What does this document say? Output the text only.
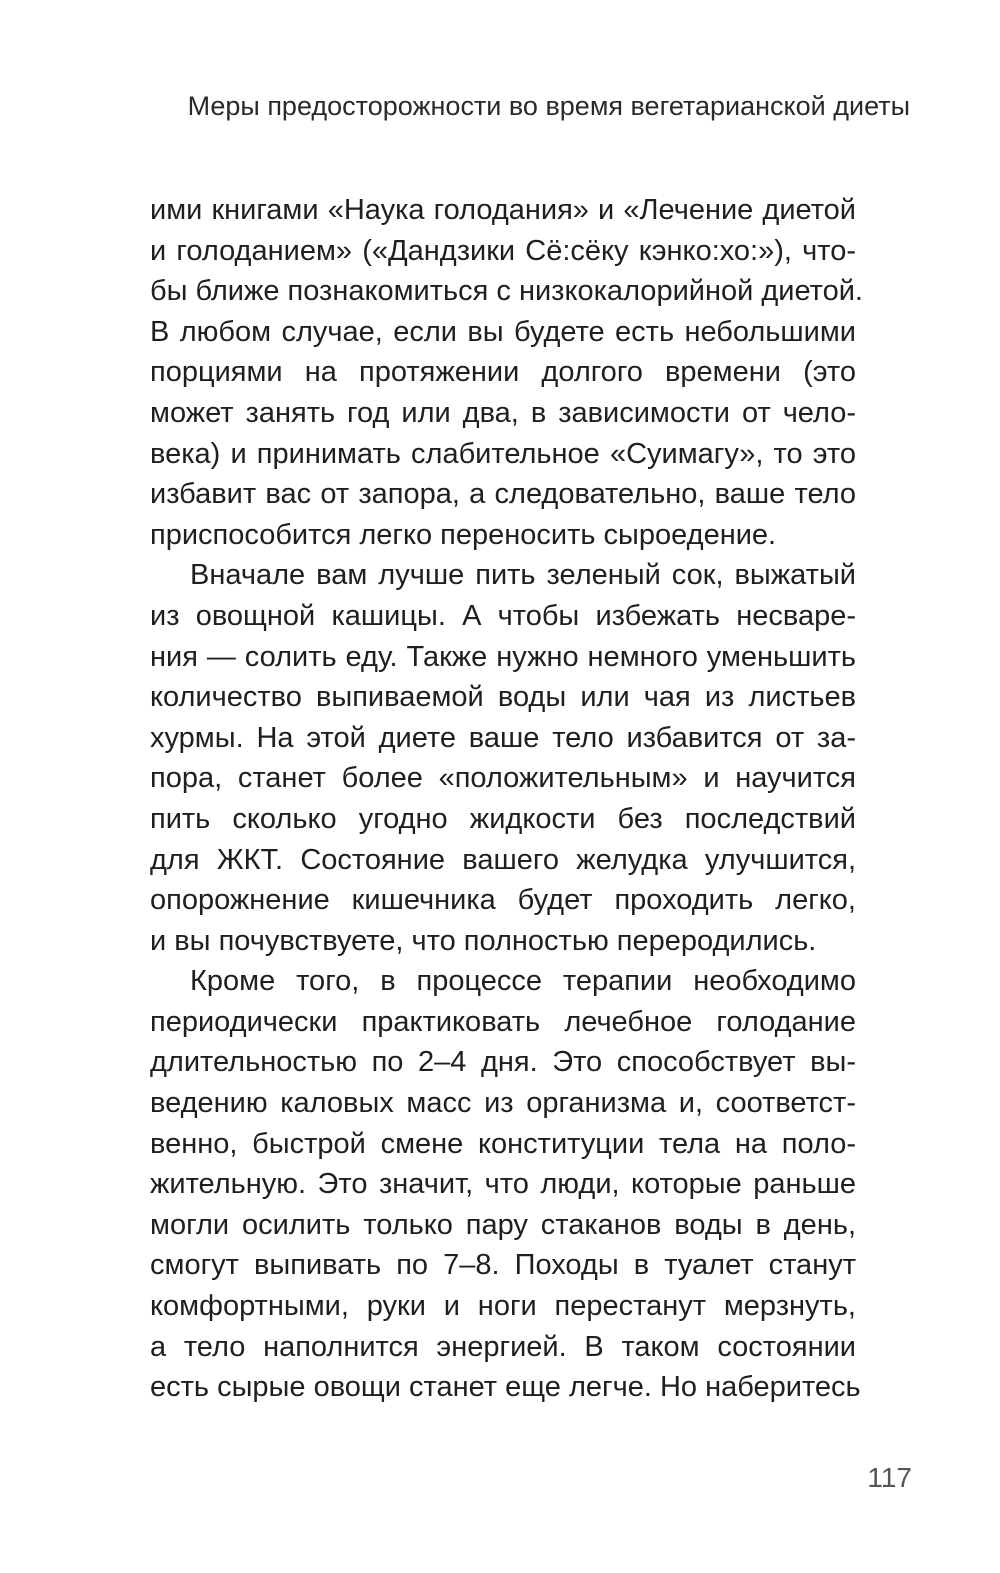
Меры предосторожности во время вегетарианской диеты
ими книгами «Наука голодания» и «Лечение диетой
и голоданием» («Дандзики Сё:сёку кэнко:хо:»), что-
бы ближе познакомиться с низкокалорийной диетой.
В любом случае, если вы будете есть небольшими
порциями на протяжении долгого времени (это
может занять год или два, в зависимости от чело-
века) и принимать слабительное «Суимагу», то это
избавит вас от запора, а следовательно, ваше тело
приспособится легко переносить сыроедение.
Вначале вам лучше пить зеленый сок, выжатый
из овощной кашицы. А чтобы избежать несваре-
ния — солить еду. Также нужно немного уменьшить
количество выпиваемой воды или чая из листьев
хурмы. На этой диете ваше тело избавится от за-
пора, станет более «положительным» и научится
пить сколько угодно жидкости без последствий
для ЖКТ. Состояние вашего желудка улучшится,
опорожнение кишечника будет проходить легко,
и вы почувствуете, что полностью переродились.
Кроме того, в процессе терапии необходимо
периодически практиковать лечебное голодание
длительностью по 2–4 дня. Это способствует вы-
ведению каловых масс из организма и, соответст-
венно, быстрой смене конституции тела на поло-
жительную. Это значит, что люди, которые раньше
могли осилить только пару стаканов воды в день,
смогут выпивать по 7–8. Походы в туалет станут
комфортными, руки и ноги перестанут мерзнуть,
а тело наполнится энергией. В таком состоянии
есть сырые овощи станет еще легче. Но наберитесь
117
